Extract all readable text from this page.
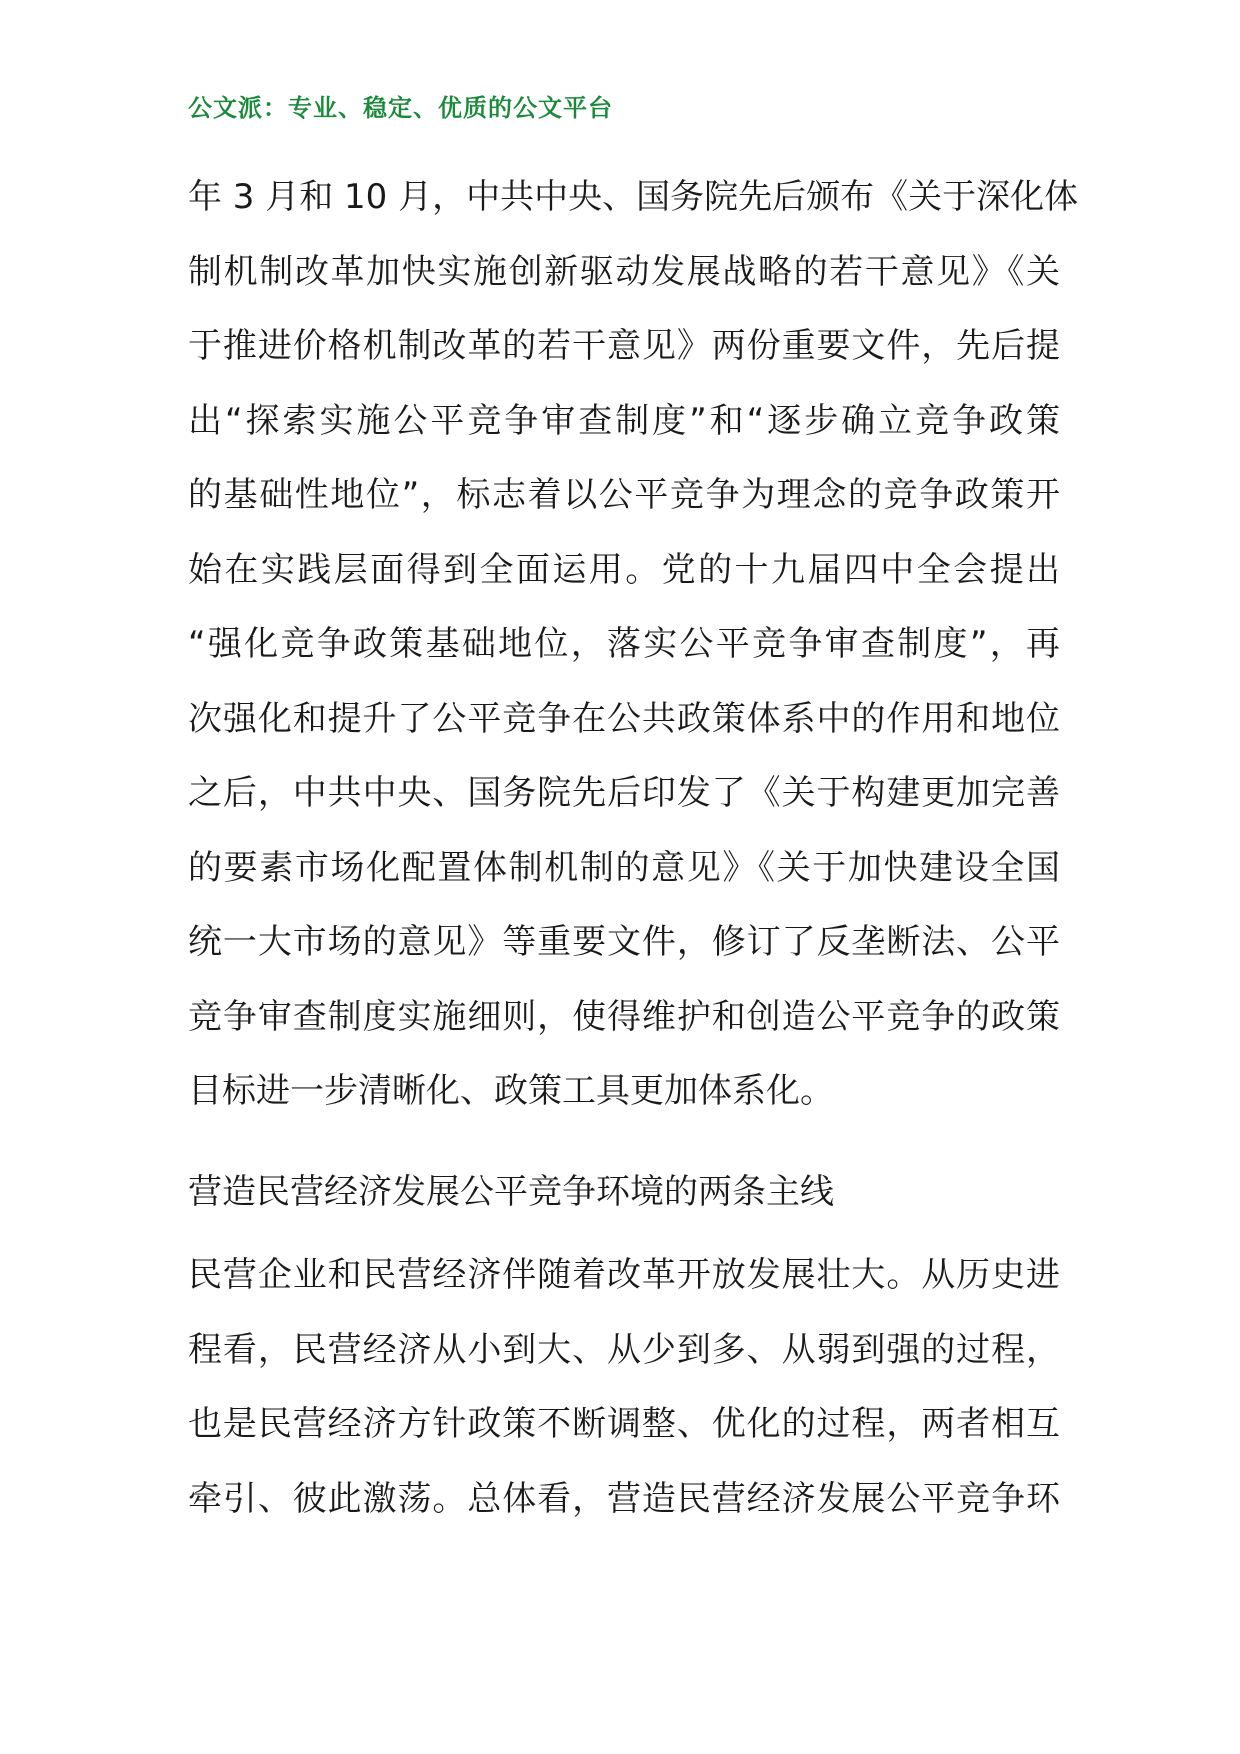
公文派：专业、稳定、优质的公文平台
年 3 月和 10 月，中共中央、国务院先后颁布《关于深化体
制机制改革加快实施创新驱动发展战略的若干意见》《关
于推进价格机制改革的若干意见》两份重要文件，先后提
出“探索实施公平竞争审查制度”和“逐步确立竞争政策
的基础性地位”，标志着以公平竞争为理念的竞争政策开
始在实践层面得到全面运用。党的十九届四中全会提出
“强化竞争政策基础地位，落实公平竞争审查制度”，再
次强化和提升了公平竞争在公共政策体系中的作用和地位
之后，中共中央、国务院先后印发了《关于构建更加完善
的要素市场化配置体制机制的意见》《关于加快建设全国
统一大市场的意见》等重要文件，修订了反垄断法、公平
竞争审查制度实施细则，使得维护和创造公平竞争的政策
目标进一步清晰化、政策工具更加体系化。
营造民营经济发展公平竞争环境的两条主线
民营企业和民营经济伴随着改革开放发展壮大。从历史进
程看，民营经济从小到大、从少到多、从弱到强的过程，
也是民营经济方针政策不断调整、优化的过程，两者相互
牵引、彼此激荡。总体看，营造民营经济发展公平竞争环
